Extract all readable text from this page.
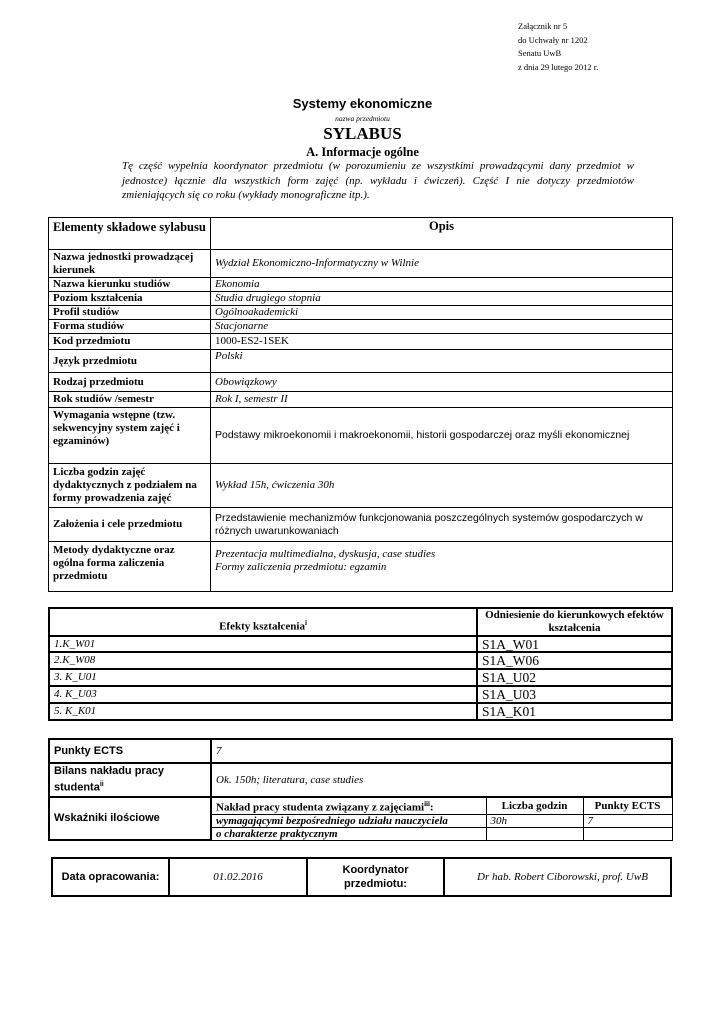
Załącznik nr 5
do Uchwały nr 1202
Senatu UwB
z dnia 29 lutego 2012 r.
Systemy ekonomiczne
nazwa przedmiotu
SYLABUS
A. Informacje ogólne
Tę część wypełnia koordynator przedmiotu (w porozumieniu ze wszystkimi prowadzącymi dany przedmiot w jednostce) łącznie dla wszystkich form zajęć (np. wykładu i ćwiczeń). Część I nie dotyczy przedmiotów zmieniających się co roku (wykłady monograficzne itp.).
Elementy składowe sylabusu	Opis
Nazwa jednostki prowadzącej kierunek	Wydział Ekonomiczno-Informatyczny w Wilnie
Nazwa kierunku studiów	Ekonomia
Poziom kształcenia	Studia drugiego stopnia
Profil studiów	Ogólnoakademicki
Forma studiów	Stacjonarne
Kod przedmiotu	1000-ES2-1SEK
Język przedmiotu	Polski
Rodzaj przedmiotu	Obowiązkowy
Rok studiów /semestr	Rok I, semestr II
Wymagania wstępne (tzw. sekwencyjny system zajęć i egzaminów)	Podstawy mikroekonomii i makroekonomii, historii gospodarczej oraz myśli ekonomicznej
Liczba godzin zajęć dydaktycznych z podziałem na formy prowadzenia zajęć	Wykład 15h, ćwiczenia 30h
Założenia i cele przedmiotu	Przedstawienie mechanizmów funkcjonowania poszczególnych systemów gospodarczych w różnych uwarunkowaniach
Metody dydaktyczne oraz ogólna forma zaliczenia przedmiotu	Prezentacja multimedialna, dyskusja, case studies
Formy zaliczenia przedmiotu: egzamin
Efekty kształcenia$^i$	Odniesienie do kierunkowych efektów kształcenia
1.K_W01	S1A_W01
2.K_W08	S1A_W06
3. K_U01	S1A_U02
4. K_U03	S1A_U03
5. K_K01	S1A_K01
Punkty ECTS	7		
Bilans nakładu pracy studenta$^{ii}$	Ok. 150h; literatura, case studies		
Wskaźniki ilościowe	Nakład pracy studenta związany z zajęciami$^{iii}$:	Liczba godzin	Punkty ECTS
	wymagającymi bezpośredniego udziału nauczyciela	30h	7
	o charakterze praktycznym		
Data opracowania:	01.02.2016	Koordynator przedmiotu:	Dr hab. Robert Ciborowski, prof. UwB
